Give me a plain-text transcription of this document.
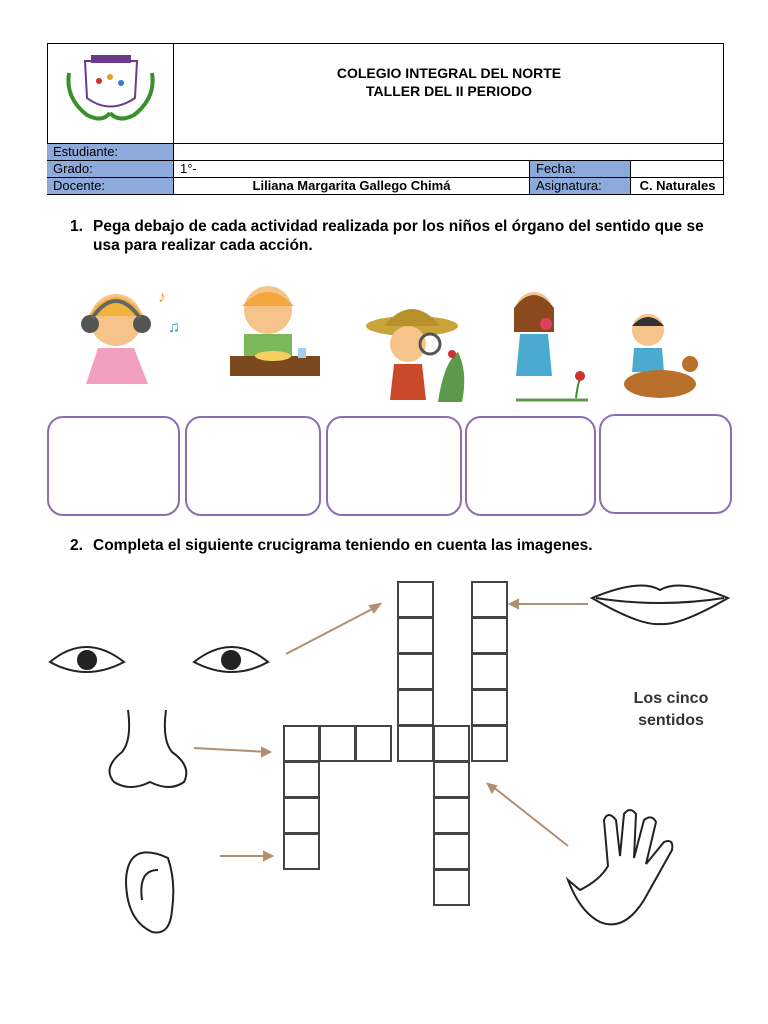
COLEGIO INTEGRAL DEL NORTE
TALLER DEL II PERIODO
Estudiante:
Grado:	1°-	Fecha:
Docente:	Liliana Margarita Gallego Chimá	Asignatura:	C. Naturales
1. Pega debajo de cada actividad realizada por los niños el órgano del sentido que se usa para realizar cada acción.
♪
♫
2. Completa el siguiente crucigrama teniendo en cuenta las imagenes.
Los cinco
sentidos
